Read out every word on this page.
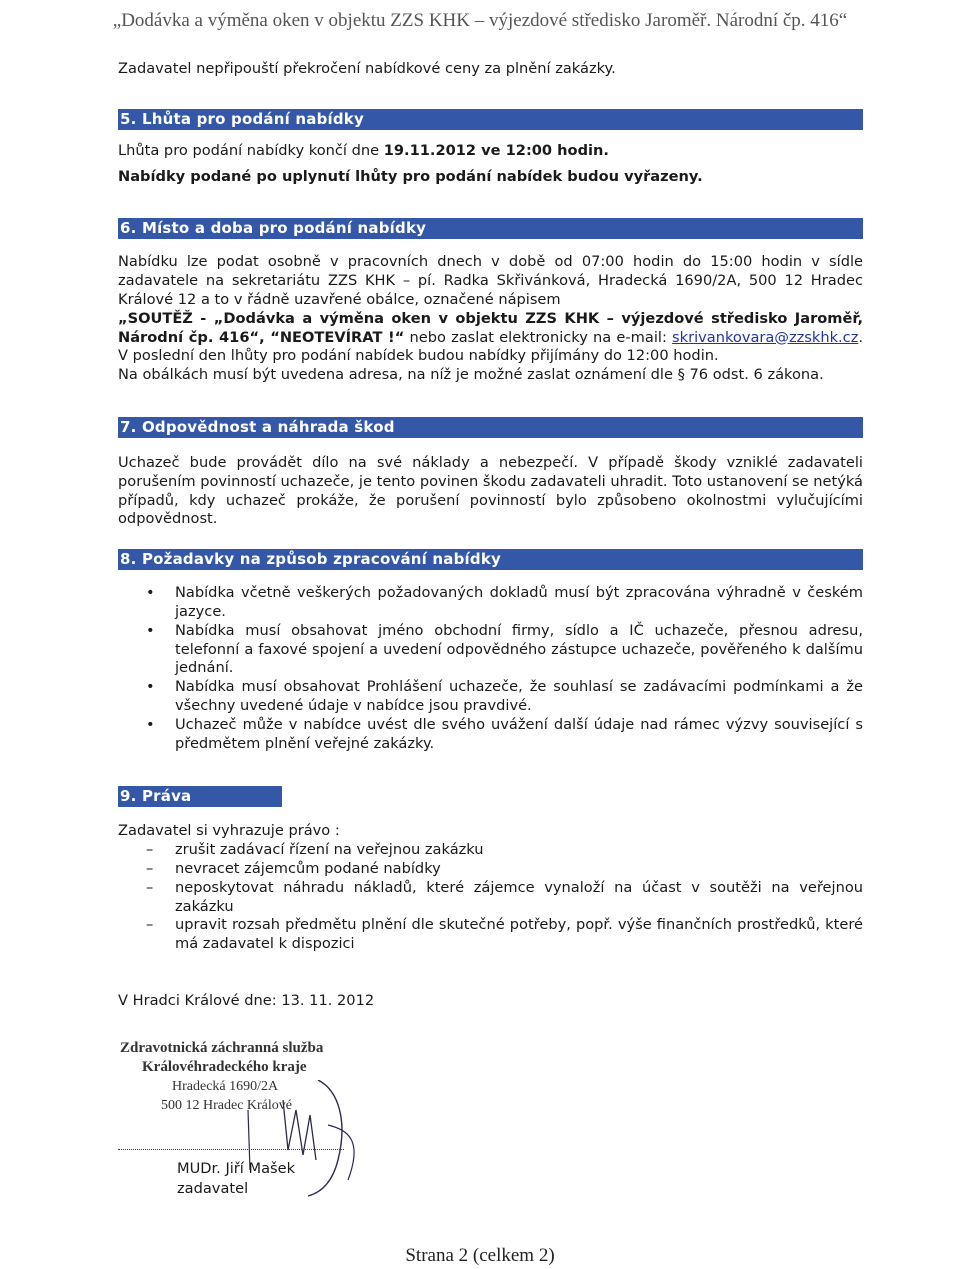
„Dodávka a výměna oken v objektu ZZS KHK – výjezdové středisko Jaroměř. Národní čp. 416“

Zadavatel nepřipouští překročení nabídkové ceny za plnění zakázky.

5. Lhůta pro podání nabídky

Lhůta pro podání nabídky končí dne 19.11.2012 ve 12:00 hodin.

Nabídky podané po uplynutí lhůty pro podání nabídek budou vyřazeny.

6. Místo a doba pro podání nabídky

Nabídku lze podat osobně v pracovních dnech v době od 07:00 hodin do 15:00 hodin v sídle zadavatele na sekretariátu ZZS KHK – pí. Radka Skřivánková, Hradecká 1690/2A, 500 12 Hradec Králové 12 a to v řádně uzavřené obálce, označené nápisem
„SOUTĚŽ - „Dodávka a výměna oken v objektu ZZS KHK – výjezdové středisko Jaroměř, Národní čp. 416“, “NEOTEVÍRAT !“ nebo zaslat elektronicky na e-mail: skrivankovara@zzskhk.cz. V poslední den lhůty pro podání nabídek budou nabídky přijímány do 12:00 hodin.

Na obálkách musí být uvedena adresa, na níž je možné zaslat oznámení dle § 76 odst. 6 zákona.

7. Odpovědnost a náhrada škod

Uchazeč bude provádět dílo na své náklady a nebezpečí. V případě škody vzniklé zadavateli porušením povinností uchazeče, je tento povinen škodu zadavateli uhradit. Toto ustanovení se netýká případů, kdy uchazeč prokáže, že porušení povinností bylo způsobeno okolnostmi vylučujícími odpovědnost.

8. Požadavky na způsob zpracování nabídky
• Nabídka včetně veškerých požadovaných dokladů musí být zpracována výhradně v českém jazyce.
• Nabídka musí obsahovat jméno obchodní firmy, sídlo a IČ uchazeče, přesnou adresu, telefonní a faxové spojení a uvedení odpovědného zástupce uchazeče, pověřeného k dalšímu jednání.
• Nabídka musí obsahovat Prohlášení uchazeče, že souhlasí se zadávacími podmínkami a že všechny uvedené údaje v nabídce jsou pravdivé.
• Uchazeč může v nabídce uvést dle svého uvážení další údaje nad rámec výzvy související s předmětem plnění veřejné zakázky.
9. Práva zadavatele

Zadavatel si vyhrazuje právo :

– zrušit zadávací řízení na veřejnou zakázku
– nevracet zájemcům podané nabídky
– neposkytovat náhradu nákladů, které zájemce vynaloží na účast v soutěži na veřejnou zakázku
– upravit rozsah předmětu plnění dle skutečné potřeby, popř. výše finančních prostředků, které má zadavatel k dispozici

V Hradci Králové dne: 13. 11. 2012

Zdravotnická záchranná služba
Královéhradeckého kraje
Hradecká 1690/2A
500 12 Hradec Králové
MUDr. Jiří Mašek
zadavatel
Strana 2 (celkem 2)
